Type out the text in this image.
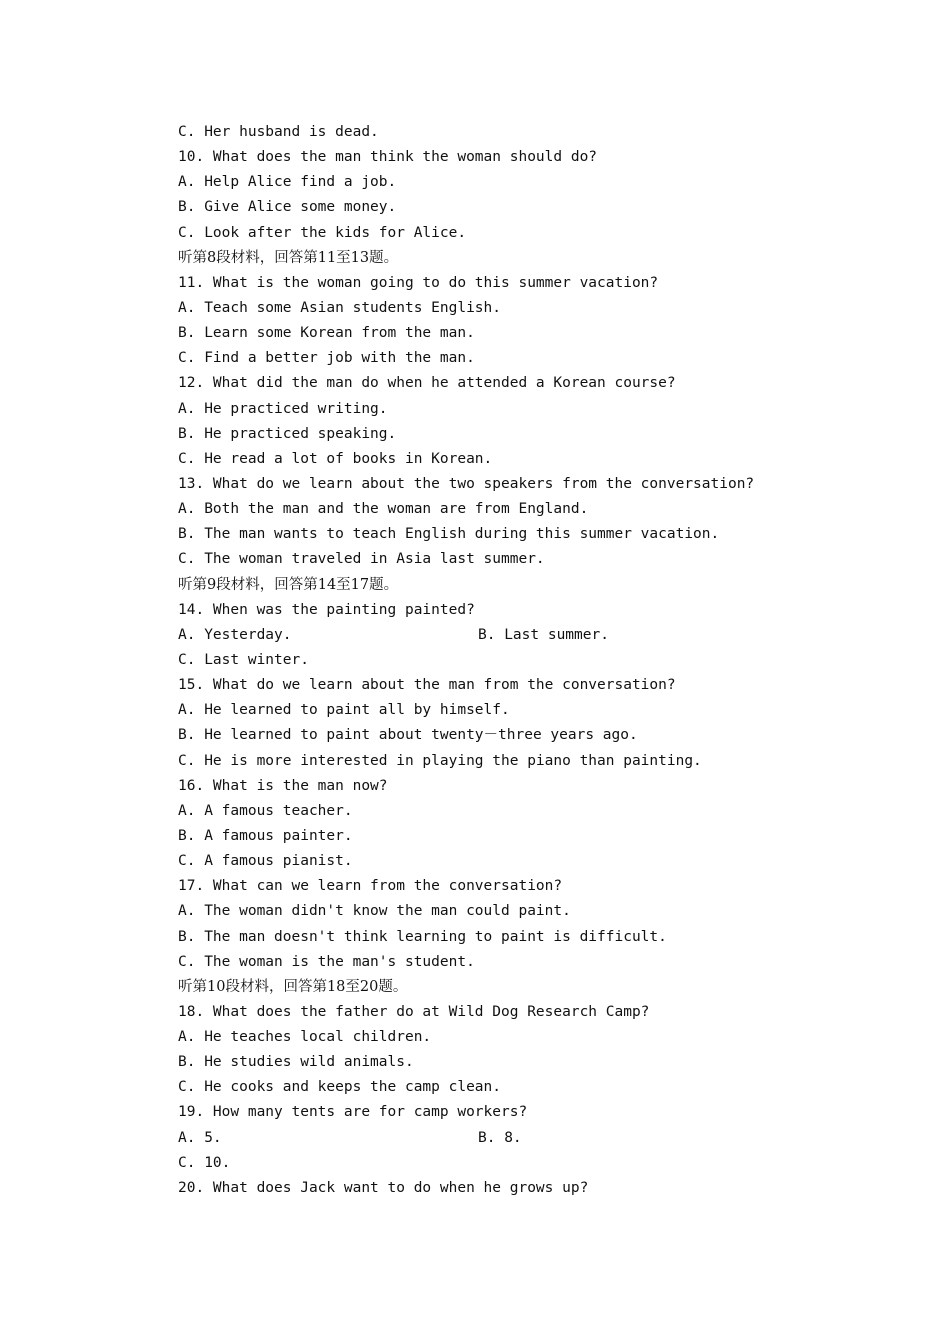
C. Her husband is dead.
10. What does the man think the woman should do?
A. Help Alice find a job.
B. Give Alice some money.
C. Look after the kids for Alice.
听第8段材料，回答第11至13题。
11. What is the woman going to do this summer vacation?
A. Teach some Asian students English.
B. Learn some Korean from the man.
C. Find a better job with the man.
12. What did the man do when he attended a Korean course?
A. He practiced writing.
B. He practiced speaking.
C. He read a lot of books in Korean.
13. What do we learn about the two speakers from the conversation?
A. Both the man and the woman are from England.
B. The man wants to teach English during this summer vacation.
C. The woman traveled in Asia last summer.
听第9段材料，回答第14至17题。
14. When was the painting painted?

A. Yesterday.

	B. Last summer.

C. Last winter.
15. What do we learn about the man from the conversation?
A. He learned to paint all by himself.
B. He learned to paint about twenty－three years ago.
C. He is more interested in playing the piano than painting.
16. What is the man now?
A. A famous teacher.
B. A famous painter.
C. A famous pianist.
17. What can we learn from the conversation?
A. The woman didn't know the man could paint.
B. The man doesn't think learning to paint is difficult.
C. The woman is the man's student.
听第10段材料，回答第18至20题。
18. What does the father do at Wild Dog Research Camp?
A. He teaches local children.
B. He studies wild animals.
C. He cooks and keeps the camp clean.
19. How many tents are for camp workers?

A. 5.

	B. 8.

C. 10.
20. What does Jack want to do when he grows up?
